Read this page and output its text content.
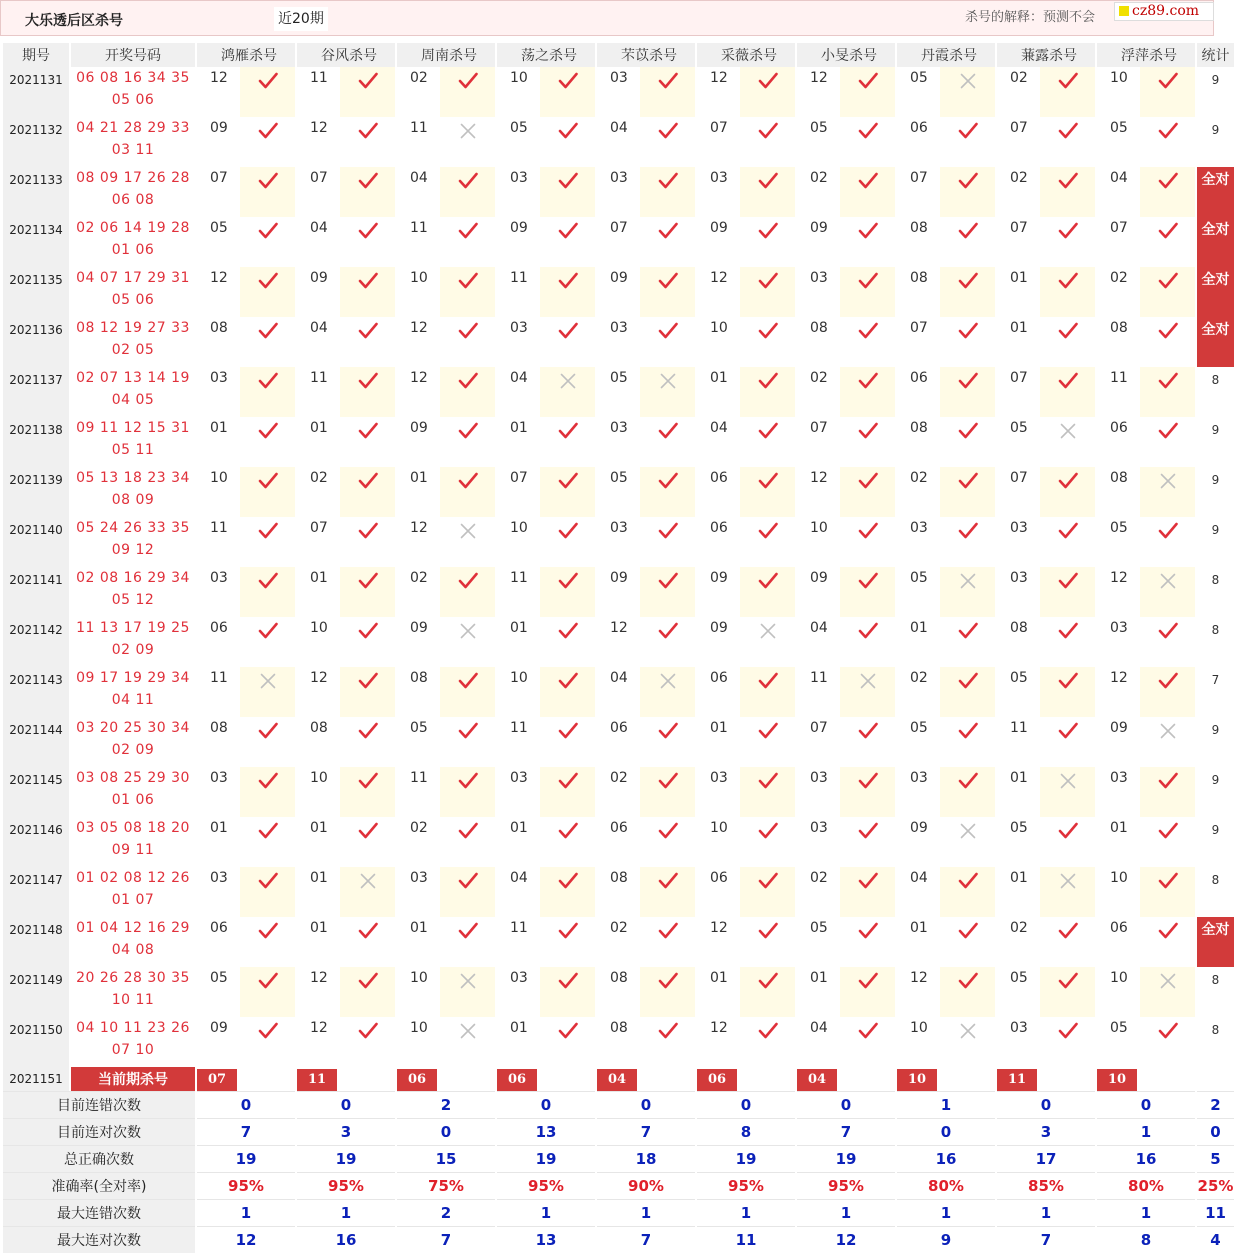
大乐透后区杀号	近20期	杀号的解释：预测不会	cz89.com
期号	开奖号码	鸿雁杀号		谷风杀号		周南杀号		荡之杀号		芣苡杀号		采薇杀号		小旻杀号		丹霞杀号		蒹露杀号		浮萍杀号		统计
2021131	06 08 16 34 35
05 06	12		11		02		10		03		12		12		05		02		10		9
2021132	04 21 28 29 33
03 11	09		12		11		05		04		07		05		06		07		05		9
2021133	08 09 17 26 28
06 08	07		07		04		03		03		03		02		07		02		04		全对
2021134	02 06 14 19 28
01 06	05		04		11		09		07		09		09		08		07		07		全对
2021135	04 07 17 29 31
05 06	12		09		10		11		09		12		03		08		01		02		全对
2021136	08 12 19 27 33
02 05	08		04		12		03		03		10		08		07		01		08		全对
2021137	02 07 13 14 19
04 05	03		11		12		04		05		01		02		06		07		11		8
2021138	09 11 12 15 31
05 11	01		01		09		01		03		04		07		08		05		06		9
2021139	05 13 18 23 34
08 09	10		02		01		07		05		06		12		02		07		08		9
2021140	05 24 26 33 35
09 12	11		07		12		10		03		06		10		03		03		05		9
2021141	02 08 16 29 34
05 12	03		01		02		11		09		09		09		05		03		12		8
2021142	11 13 17 19 25
02 09	06		10		09		01		12		09		04		01		08		03		8
2021143	09 17 19 29 34
04 11	11		12		08		10		04		06		11		02		05		12		7
2021144	03 20 25 30 34
02 09	08		08		05		11		06		01		07		05		11		09		9
2021145	03 08 25 29 30
01 06	03		10		11		03		02		03		03		03		01		03		9
2021146	03 05 08 18 20
09 11	01		01		02		01		06		10		03		09		05		01		9
2021147	01 02 08 12 26
01 07	03		01		03		04		08		06		02		04		01		10		8
2021148	01 04 12 16 29
04 08	06		01		01		11		02		12		05		01		02		06		全对
2021149	20 26 28 30 35
10 11	05		12		10		03		08		01		01		12		05		10		8
2021150	04 10 11 23 26
07 10	09		12		10		01		08		12		04		10		03		05		8
2021151	当前期杀号	07		11		06		06		04		06		04		10		11		10		
目前连错次数		0		0		2		0		0		0		0		1		0		0		2
目前连对次数		7		3		0		13		7		8		7		0		3		1		0
总正确次数		19		19		15		19		18		19		19		16		17		16		5
准确率(全对率)		95%		95%		75%		95%		90%		95%		95%		80%		85%		80%		25%
最大连错次数		1		1		2		1		1		1		1		1		1		1		11
最大连对次数		12		16		7		13		7		11		12		9		7		8		4
